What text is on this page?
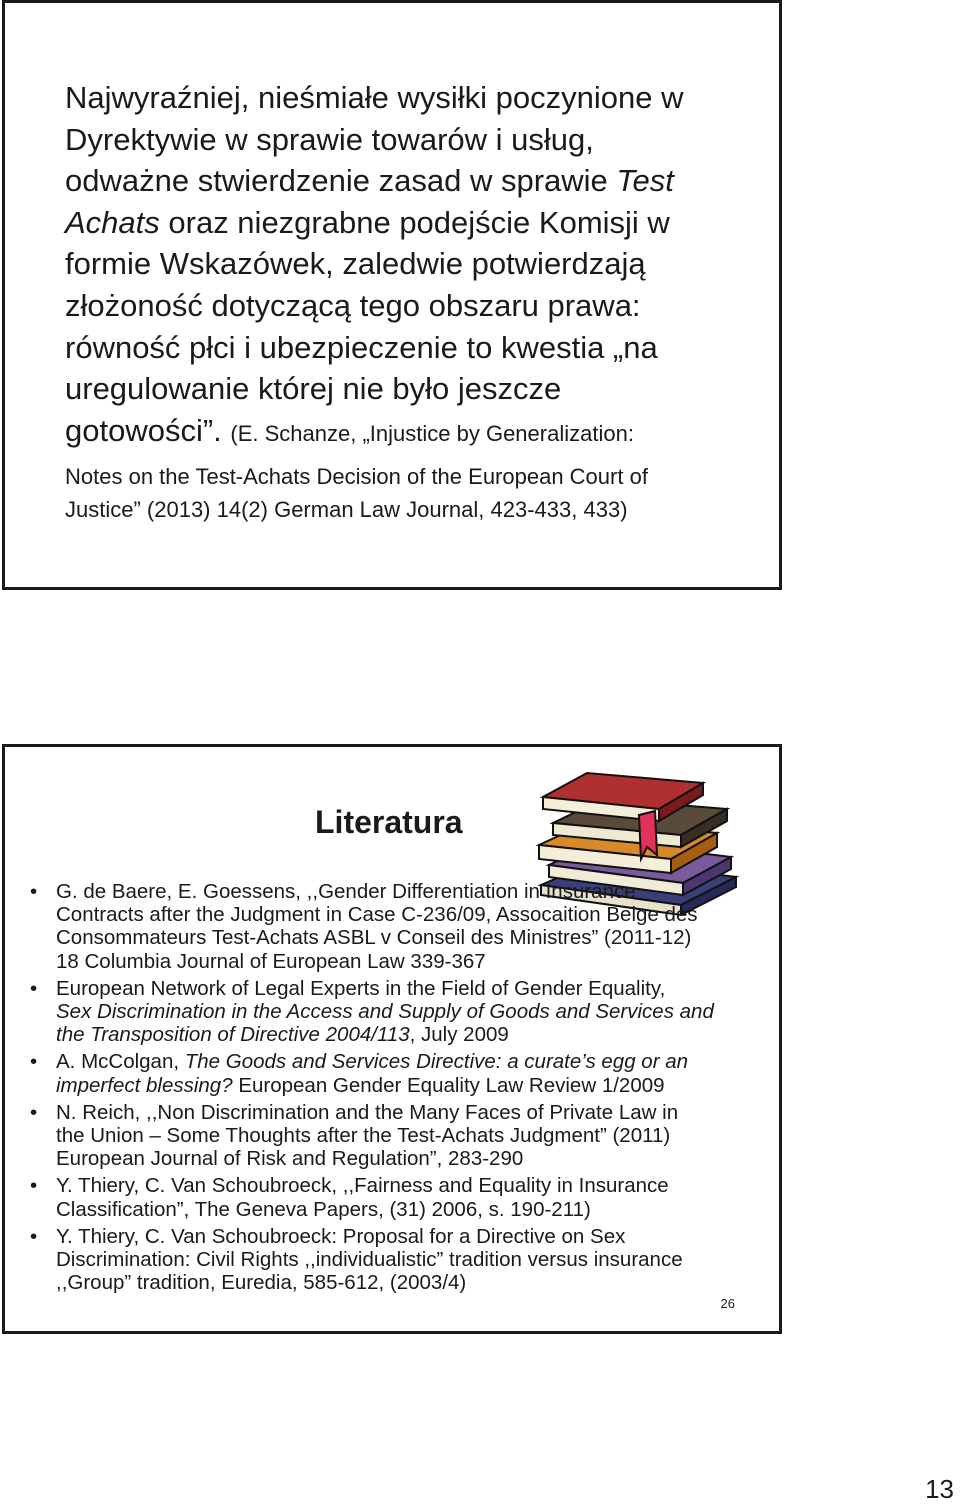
Najwyraźniej, nieśmiałe wysiłki poczynione w
Dyrektywie w sprawie towarów i usług,
odważne stwierdzenie zasad w sprawie Test
Achats oraz niezgrabne podejście Komisji w
formie Wskazówek, zaledwie potwierdzają
złożoność dotyczącą tego obszaru prawa:
równość płci i ubezpieczenie to kwestia „na
uregulowanie której nie było jeszcze
gotowości”. (E. Schanze, „Injustice by Generalization:
Notes on the Test-Achats Decision of the European Court of
Justice” (2013) 14(2) German Law Journal, 423-433, 433)
Literatura
• G. de Baere, E. Goessens, ,,Gender Differentiation in Insurance
Contracts after the Judgment in Case C-236/09, Assocaition Belge des
Consommateurs Test-Achats ASBL v Conseil des Ministres” (2011-12)
18 Columbia Journal of European Law 339-367
• European Network of Legal Experts in the Field of Gender Equality,
Sex Discrimination in the Access and Supply of Goods and Services and
the Transposition of Directive 2004/113, July 2009
• A. McColgan, The Goods and Services Directive: a curate’s egg or an
imperfect blessing? European Gender Equality Law Review 1/2009
• N. Reich, ,,Non Discrimination and the Many Faces of Private Law in
the Union – Some Thoughts after the Test-Achats Judgment” (2011)
European Journal of Risk and Regulation”, 283-290
• Y. Thiery, C. Van Schoubroeck, ,,Fairness and Equality in Insurance
Classification”, The Geneva Papers, (31) 2006, s. 190-211)
• Y. Thiery, C. Van Schoubroeck: Proposal for a Directive on Sex
Discrimination: Civil Rights ,,individualistic” tradition versus insurance
,,Group” tradition, Euredia, 585-612, (2003/4)
26
13
